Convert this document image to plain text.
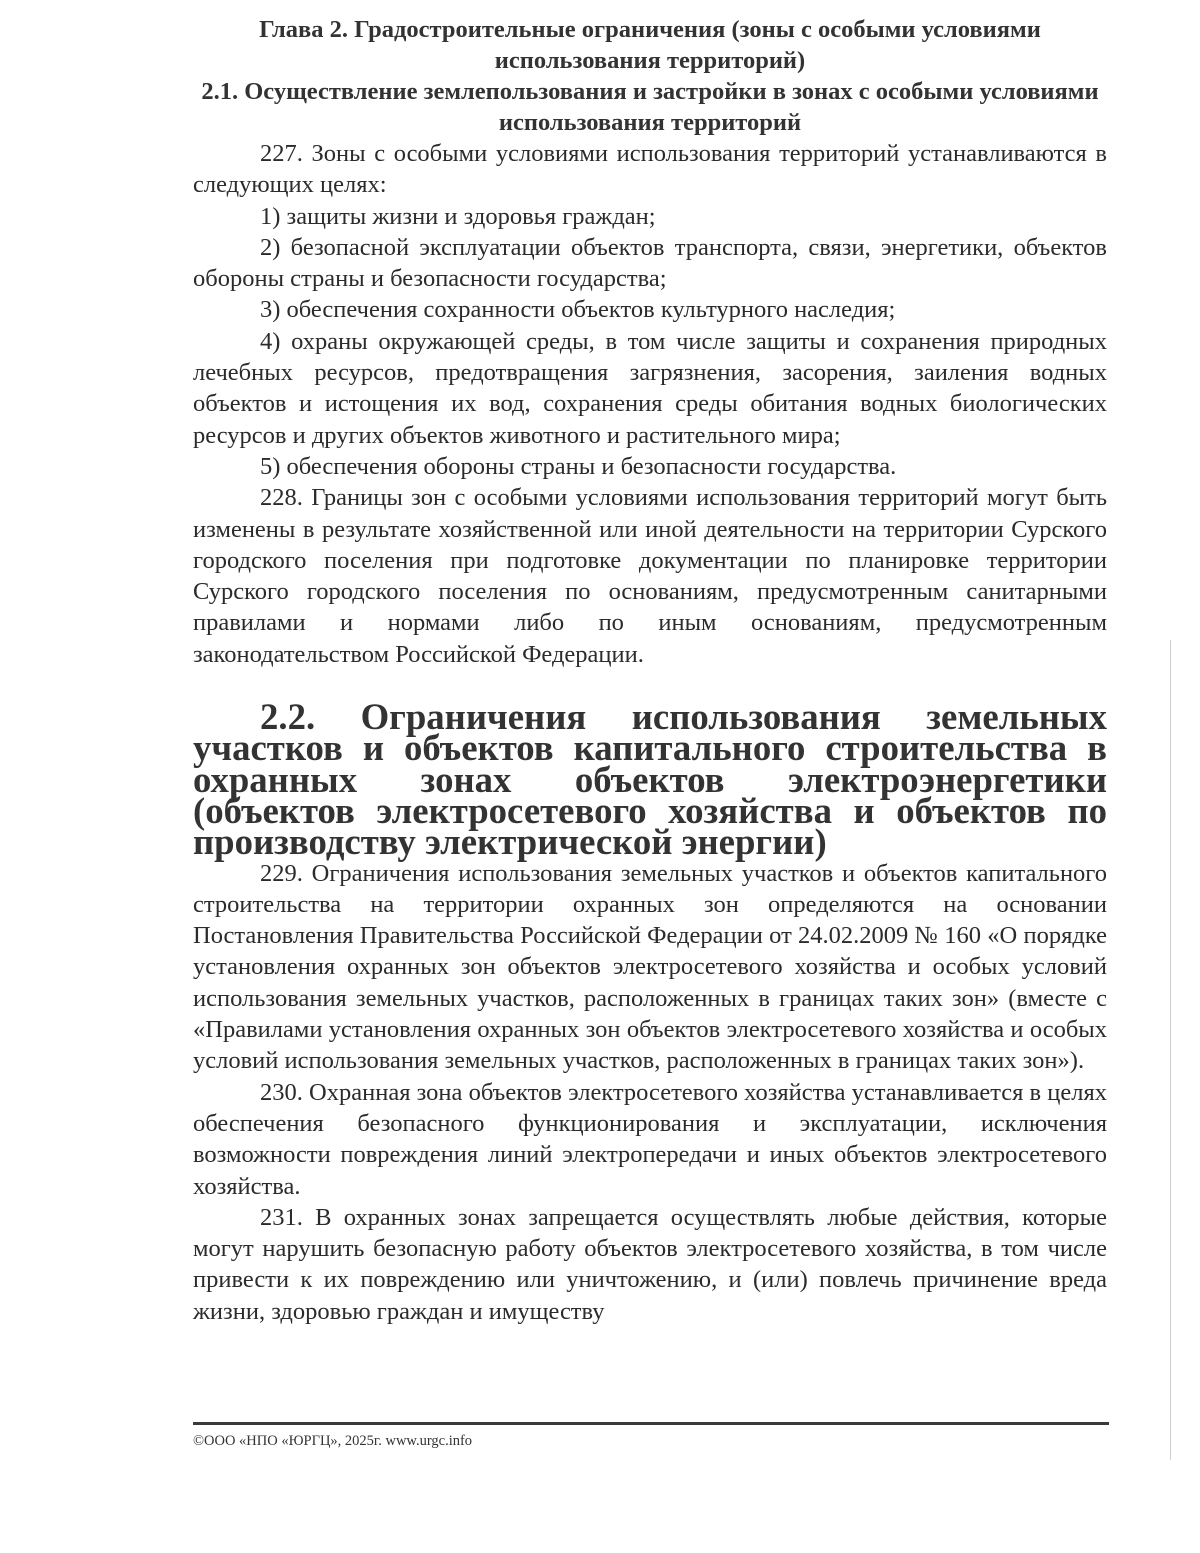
Глава 2. Градостроительные ограничения (зоны с особыми условиями использования территорий)
2.1. Осуществление землепользования и застройки в зонах с особыми условиями использования территорий

227. Зоны с особыми условиями использования территорий устанавливаются в следующих целях:

1) защиты жизни и здоровья граждан;

2) безопасной эксплуатации объектов транспорта, связи, энергетики, объектов обороны страны и безопасности государства;

3) обеспечения сохранности объектов культурного наследия;

4) охраны окружающей среды, в том числе защиты и сохранения природных лечебных ресурсов, предотвращения загрязнения, засорения, заиления водных объектов и истощения их вод, сохранения среды обитания водных биологических ресурсов и других объектов животного и растительного мира;

5) обеспечения обороны страны и безопасности государства.

228. Границы зон с особыми условиями использования территорий могут быть изменены в результате хозяйственной или иной деятельности на территории Сурского городского поселения при подготовке документации по планировке территории Сурского городского поселения по основаниям, предусмотренным санитарными правилами и нормами либо по иным основаниям, предусмотренным законодательством Российской Федерации.

2.2. Ограничения использования земельных участков и объектов капитального строительства в охранных зонах объектов электроэнергетики (объектов электросетевого хозяйства и объектов по производству электрической энергии)

229. Ограничения использования земельных участков и объектов капитального строительства на территории охранных зон определяются на основании Постановления Правительства Российской Федерации от 24.02.2009 № 160 «О порядке установления охранных зон объектов электросетевого хозяйства и особых условий использования земельных участков, расположенных в границах таких зон» (вместе с «Правилами установления охранных зон объектов электросетевого хозяйства и особых условий использования земельных участков, расположенных в границах таких зон»).

230. Охранная зона объектов электросетевого хозяйства устанавливается в целях обеспечения безопасного функционирования и эксплуатации, исключения возможности повреждения линий электропередачи и иных объектов электросетевого хозяйства.

231. В охранных зонах запрещается осуществлять любые действия, которые могут нарушить безопасную работу объектов электросетевого хозяйства, в том числе привести к их повреждению или уничтожению, и (или) повлечь причинение вреда жизни, здоровью граждан и имуществу

©ООО «НПО «ЮРГЦ», 2025г. www.urgc.info
